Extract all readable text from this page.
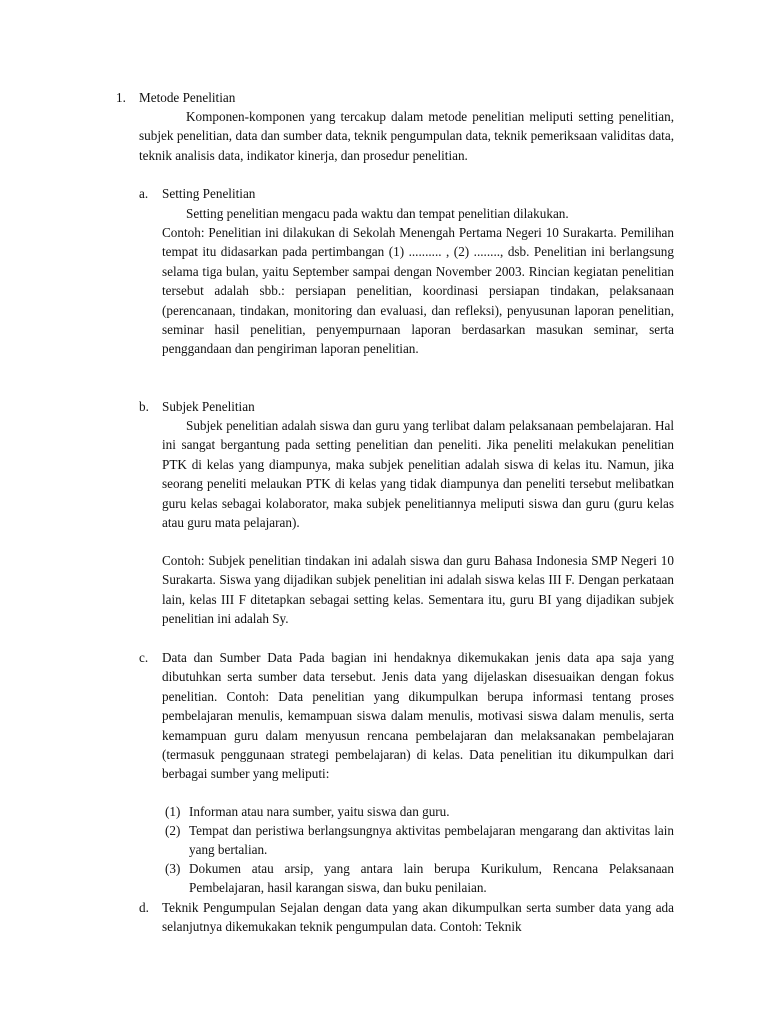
1. Metode Penelitian

Komponen-komponen yang tercakup dalam metode penelitian meliputi setting penelitian, subjek penelitian, data dan sumber data, teknik pengumpulan data, teknik pemeriksaan validitas data, teknik analisis data, indikator kinerja, dan prosedur penelitian.

a. Setting Penelitian

Setting penelitian mengacu pada waktu dan tempat penelitian dilakukan.

Contoh: Penelitian ini dilakukan di Sekolah Menengah Pertama Negeri 10 Surakarta. Pemilihan tempat itu didasarkan pada pertimbangan (1) .......... , (2) ........, dsb. Penelitian ini berlangsung selama tiga bulan, yaitu September sampai dengan November 2003. Rincian kegiatan penelitian tersebut adalah sbb.: persiapan penelitian, koordinasi persiapan tindakan, pelaksanaan (perencanaan, tindakan, monitoring dan evaluasi, dan refleksi), penyusunan laporan penelitian, seminar hasil penelitian, penyempurnaan laporan berdasarkan masukan seminar, serta penggandaan dan pengiriman laporan penelitian.

b. Subjek Penelitian

Subjek penelitian adalah siswa dan guru yang terlibat dalam pelaksanaan pembelajaran. Hal ini sangat bergantung pada setting penelitian dan peneliti. Jika peneliti melakukan penelitian PTK di kelas yang diampunya, maka subjek penelitian adalah siswa di kelas itu. Namun, jika seorang peneliti melaukan PTK di kelas yang tidak diampunya dan peneliti tersebut melibatkan guru kelas sebagai kolaborator, maka subjek penelitiannya meliputi siswa dan guru (guru kelas atau guru mata pelajaran).

Contoh: Subjek penelitian tindakan ini adalah siswa dan guru Bahasa Indonesia SMP Negeri 10 Surakarta. Siswa yang dijadikan subjek penelitian ini adalah siswa kelas III F. Dengan perkataan lain, kelas III F ditetapkan sebagai setting kelas. Sementara itu, guru BI yang dijadikan subjek penelitian ini adalah Sy.

c. Data dan Sumber Data Pada bagian ini hendaknya dikemukakan jenis data apa saja yang dibutuhkan serta sumber data tersebut. Jenis data yang dijelaskan disesuaikan dengan fokus penelitian. Contoh: Data penelitian yang dikumpulkan berupa informasi tentang proses pembelajaran menulis, kemampuan siswa dalam menulis, motivasi siswa dalam menulis, serta kemampuan guru dalam menyusun rencana pembelajaran dan melaksanakan pembelajaran (termasuk penggunaan strategi pembelajaran) di kelas. Data penelitian itu dikumpulkan dari berbagai sumber yang meliputi:

(1) Informan atau nara sumber, yaitu siswa dan guru.

(2) Tempat dan peristiwa berlangsungnya aktivitas pembelajaran mengarang dan aktivitas lain yang bertalian.

(3) Dokumen atau arsip, yang antara lain berupa Kurikulum, Rencana Pelaksanaan Pembelajaran, hasil karangan siswa, dan buku penilaian.

d. Teknik Pengumpulan Sejalan dengan data yang akan dikumpulkan serta sumber data yang ada selanjutnya dikemukakan teknik pengumpulan data. Contoh: Teknik
